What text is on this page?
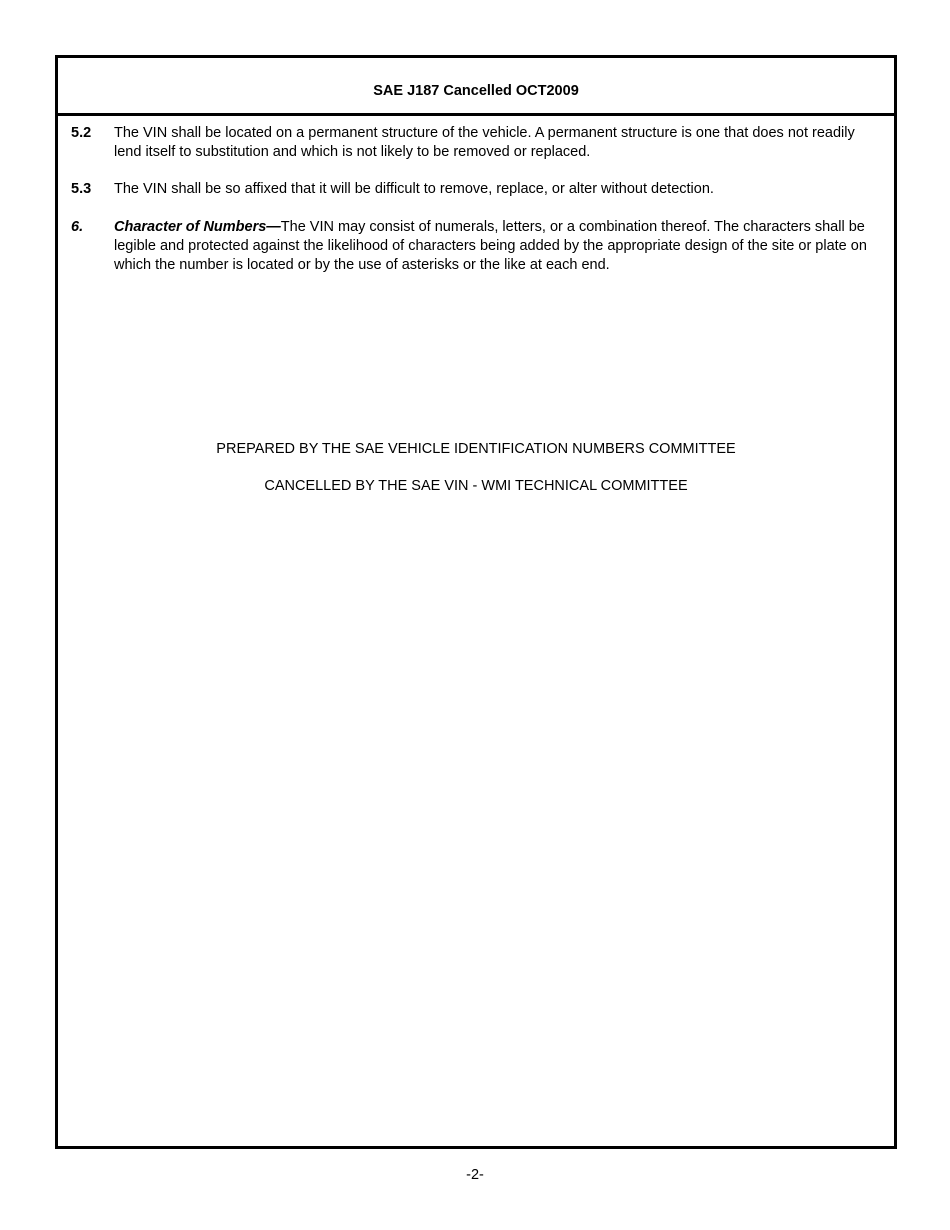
SAE J187 Cancelled OCT2009
5.2 The VIN shall be located on a permanent structure of the vehicle. A permanent structure is one that does not readily lend itself to substitution and which is not likely to be removed or replaced.
5.3 The VIN shall be so affixed that it will be difficult to remove, replace, or alter without detection.
6. Character of Numbers—The VIN may consist of numerals, letters, or a combination thereof. The characters shall be legible and protected against the likelihood of characters being added by the appropriate design of the site or plate on which the number is located or by the use of asterisks or the like at each end.
PREPARED BY THE SAE VEHICLE IDENTIFICATION NUMBERS COMMITTEE
CANCELLED BY THE SAE VIN - WMI TECHNICAL COMMITTEE
-2-
